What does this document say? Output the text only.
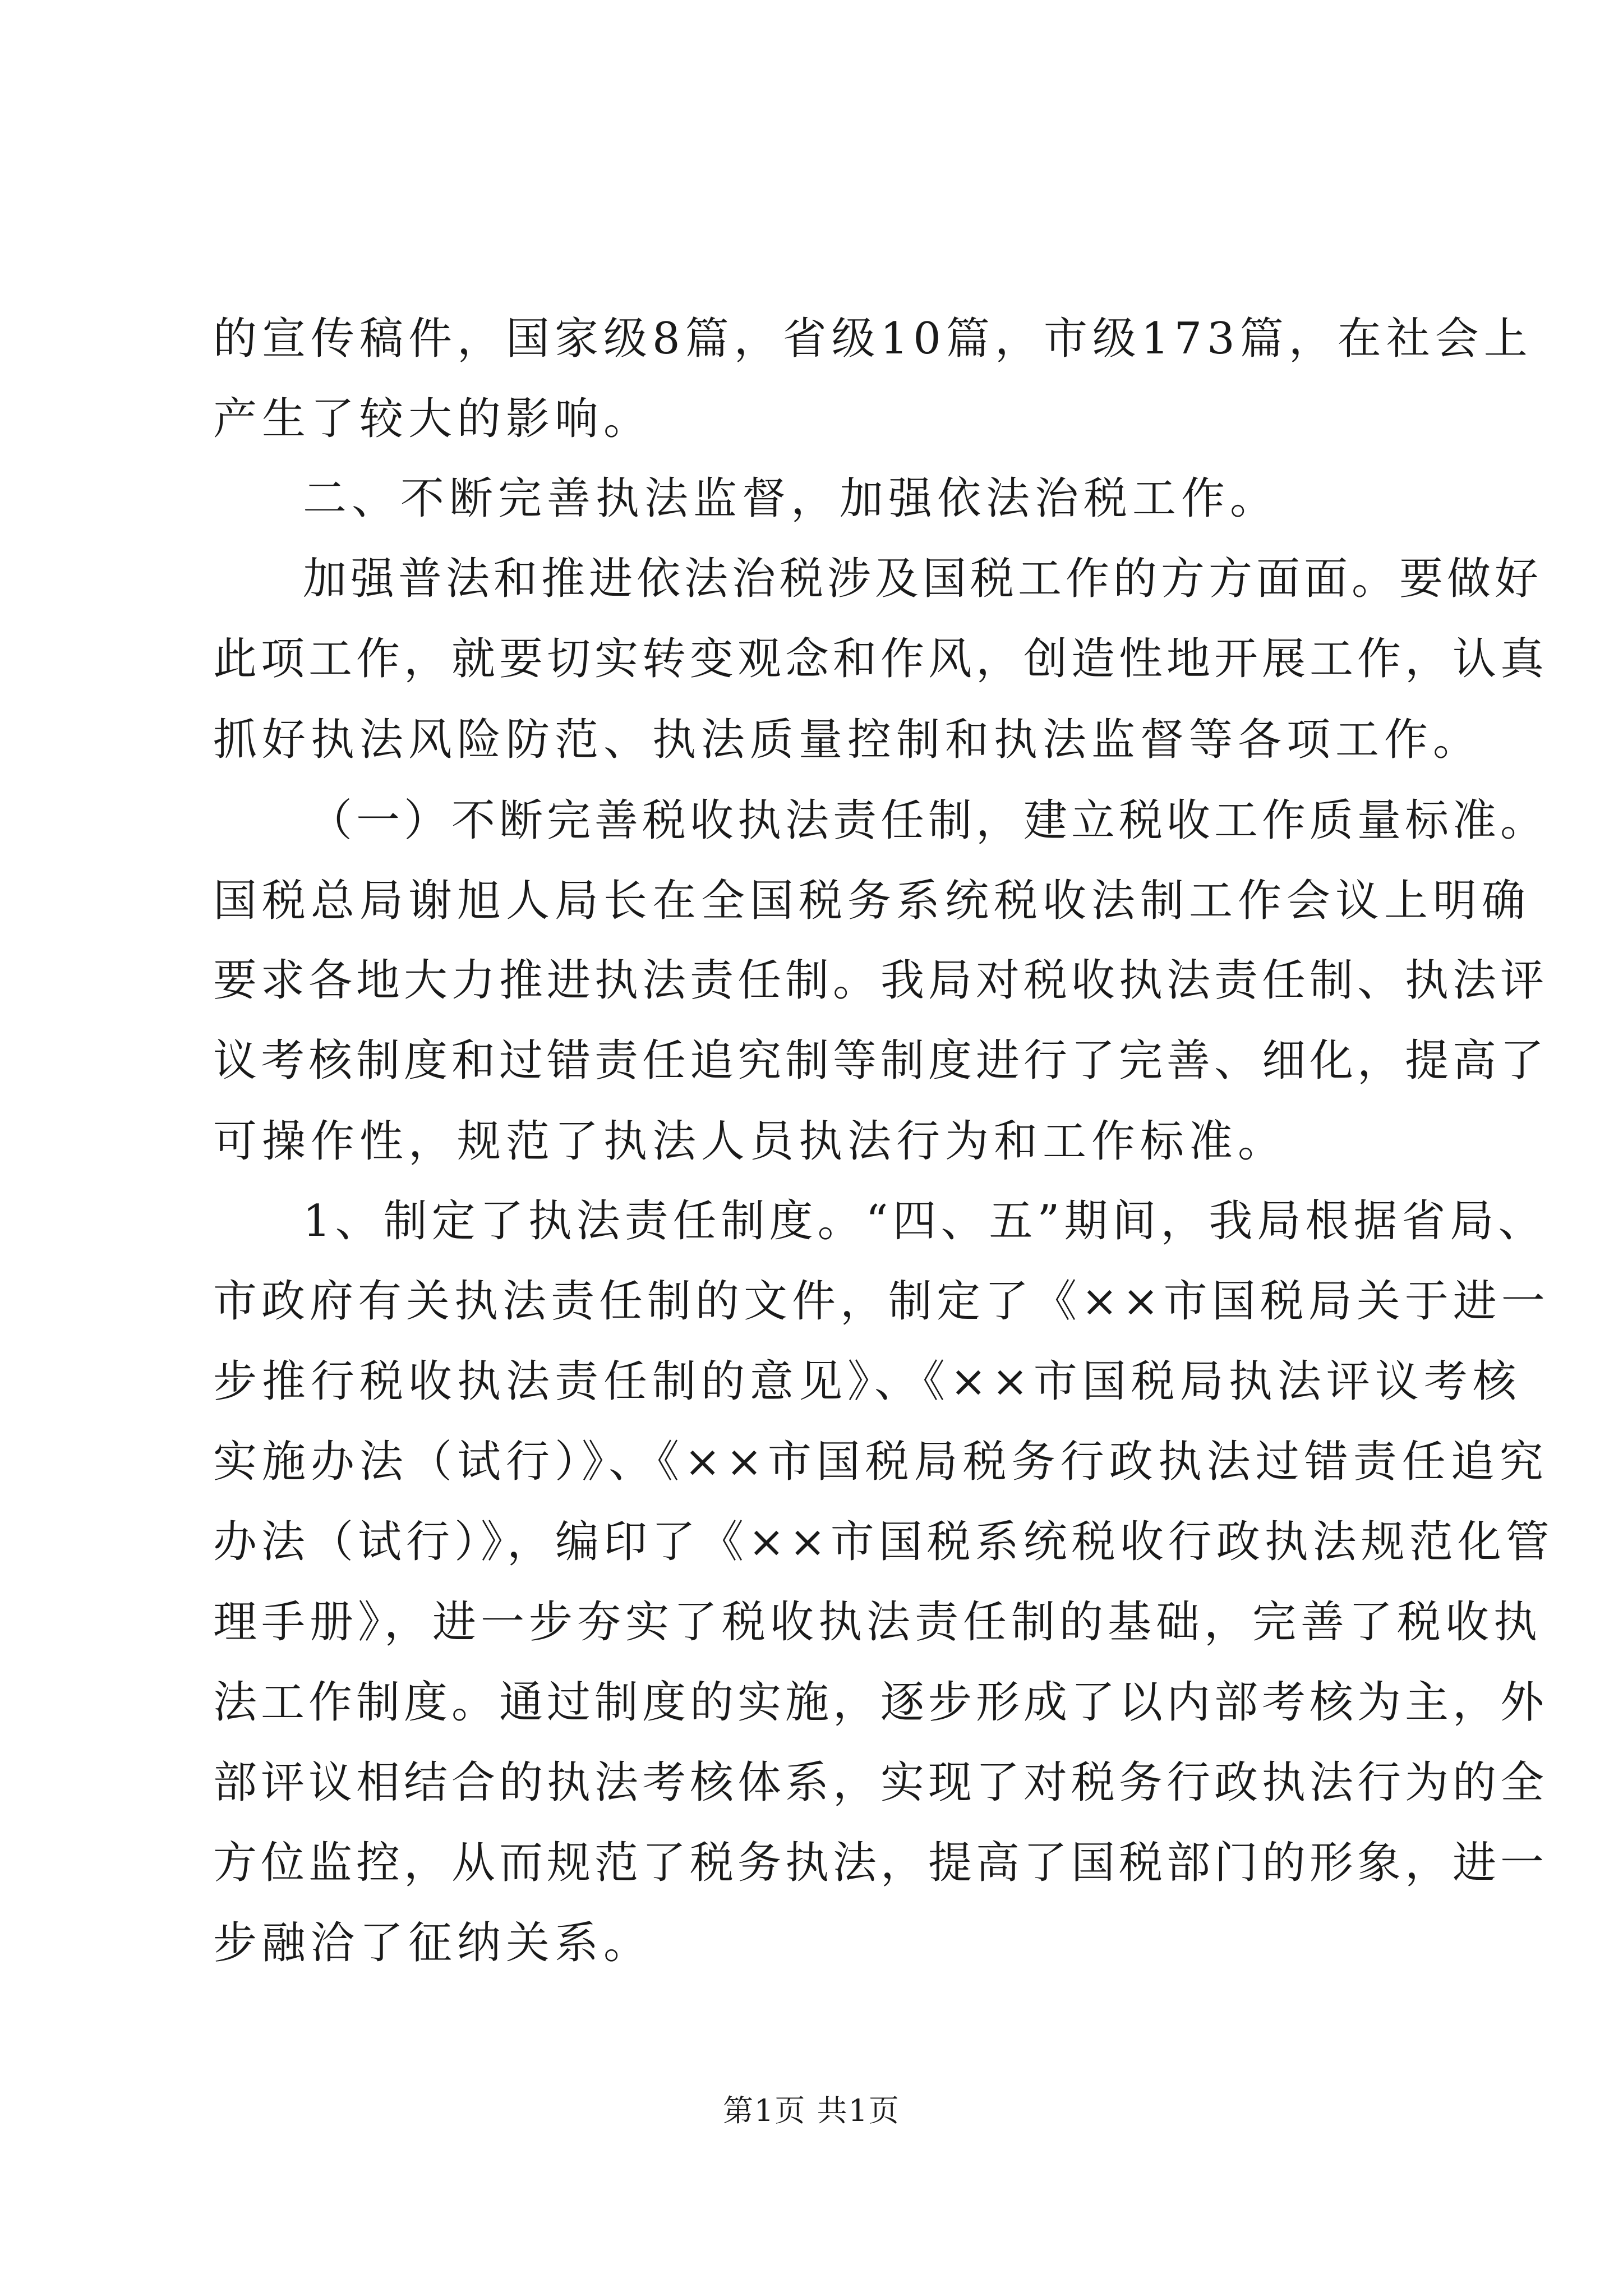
的宣传稿件，国家级8篇，省级10篇，市级173篇，在社会上
产生了较大的影响。
二、不断完善执法监督，加强依法治税工作。
加强普法和推进依法治税涉及国税工作的方方面面。要做好
此项工作，就要切实转变观念和作风，创造性地开展工作，认真
抓好执法风险防范、执法质量控制和执法监督等各项工作。
（一）不断完善税收执法责任制，建立税收工作质量标准。
国税总局谢旭人局长在全国税务系统税收法制工作会议上明确
要求各地大力推进执法责任制。我局对税收执法责任制、执法评
议考核制度和过错责任追究制等制度进行了完善、细化，提高了
可操作性，规范了执法人员执法行为和工作标准。
1、制定了执法责任制度。“四、五”期间，我局根据省局、
市政府有关执法责任制的文件，制定了《××市国税局关于进一
步推行税收执法责任制的意见》、《××市国税局执法评议考核
实施办法（试行）》、《××市国税局税务行政执法过错责任追究
办法（试行）》，编印了《××市国税系统税收行政执法规范化管
理手册》，进一步夯实了税收执法责任制的基础，完善了税收执
法工作制度。通过制度的实施，逐步形成了以内部考核为主，外
部评议相结合的执法考核体系，实现了对税务行政执法行为的全
方位监控，从而规范了税务执法，提高了国税部门的形象，进一
步融洽了征纳关系。
第1页 共1页
